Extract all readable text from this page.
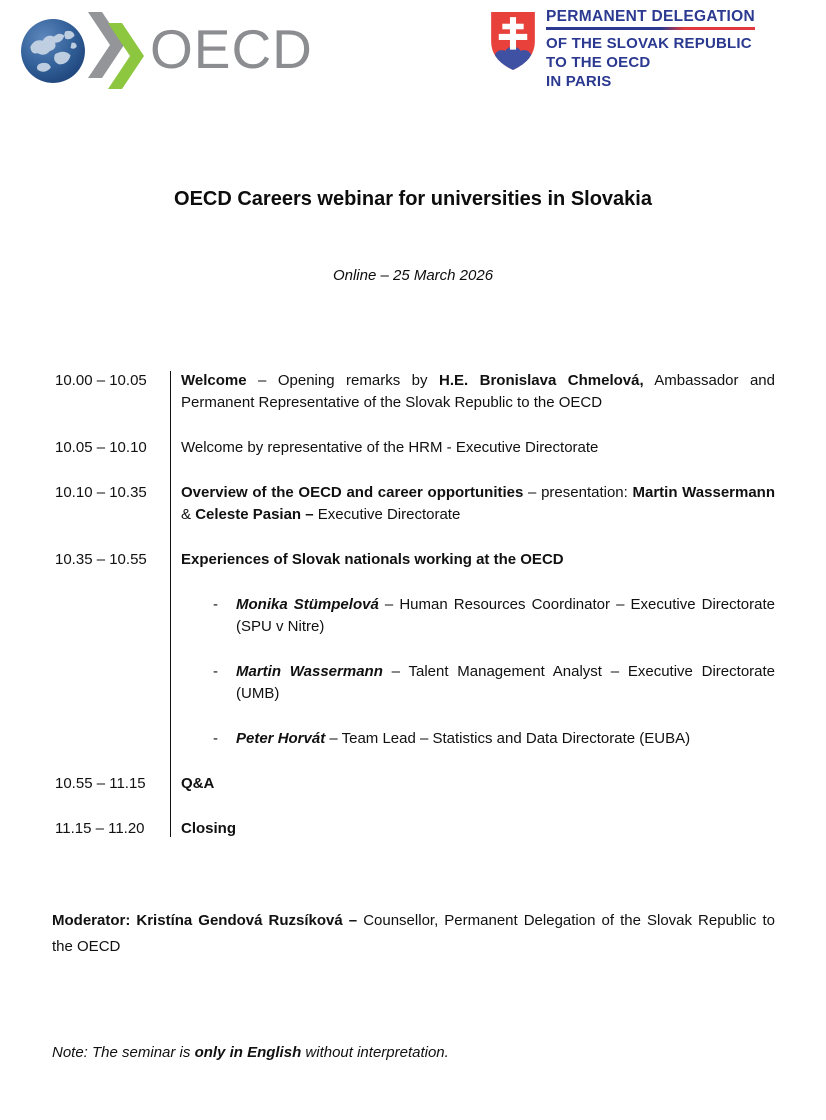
OECD
PERMANENT DELEGATION
OF THE SLOVAK REPUBLIC
TO THE OECD
IN PARIS
OECD Careers webinar for universities in Slovakia
Online – 25 March 2026
10.00 – 10.05	Welcome – Opening remarks by H.E. Bronislava Chmelová, Ambassador and Permanent Representative of the Slovak Republic to the OECD
10.05 – 10.10	Welcome by representative of the HRM - Executive Directorate
10.10 – 10.35	Overview of the OECD and career opportunities – presentation: Martin Wassermann & Celeste Pasian – Executive Directorate
10.35 – 10.55	Experiences of Slovak nationals working at the OECD
-	Monika Stümpelová – Human Resources Coordinator – Executive Directorate (SPU v Nitre)
-	Martin Wassermann – Talent Management Analyst – Executive Directorate (UMB)
-	Peter Horvát – Team Lead – Statistics and Data Directorate (EUBA)
10.55 – 11.15	Q&A
11.15 – 11.20	Closing

Moderator: Kristína Gendová Ruzsíková – Counsellor, Permanent Delegation of the Slovak Republic to the OECD

Note: The seminar is only in English without interpretation.
